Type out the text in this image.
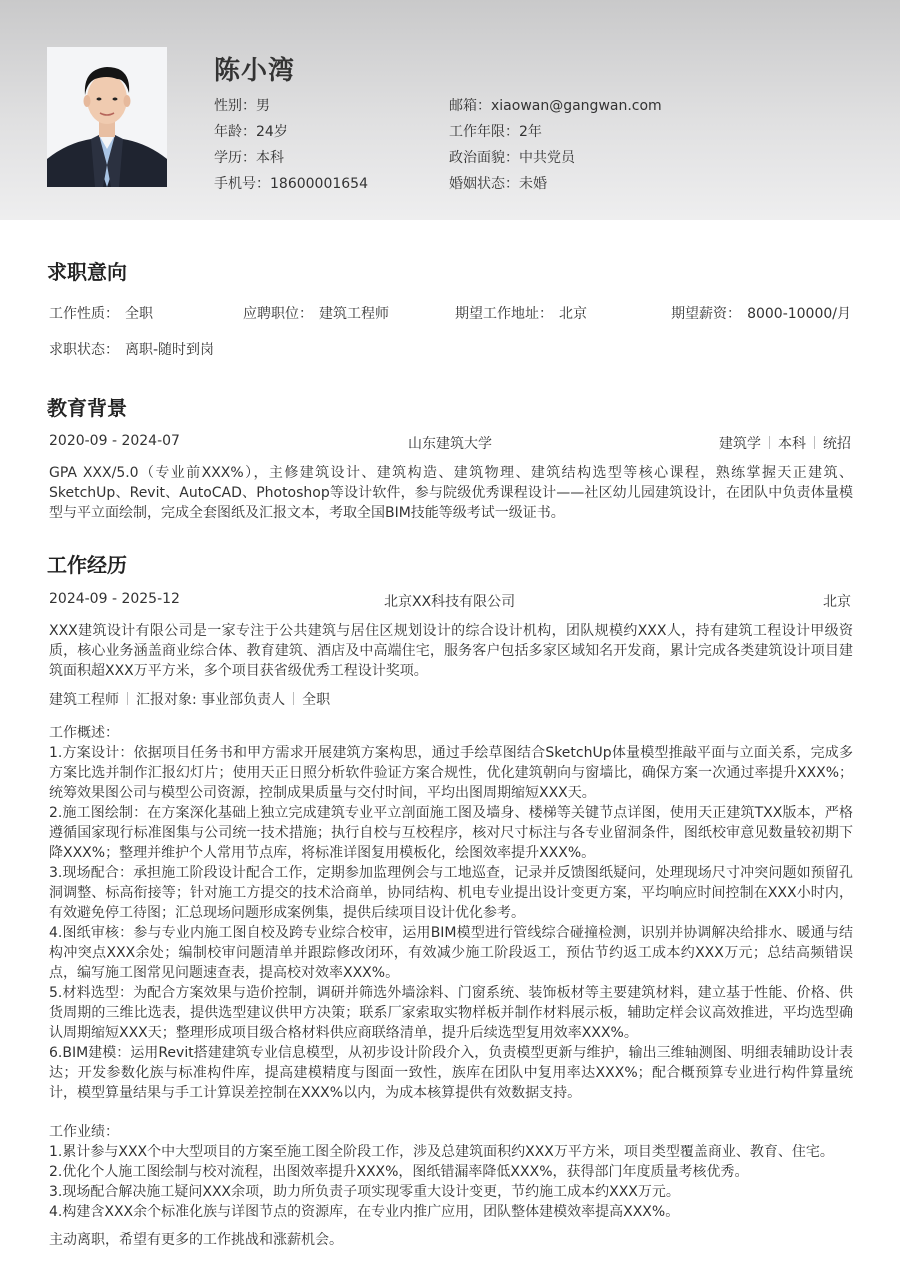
陈小湾
性别：男
年龄：24岁
学历：本科
手机号：18600001654
邮箱：xiaowan@gangwan.com
工作年限：2年
政治面貌：中共党员
婚姻状态：未婚
求职意向
工作性质： 全职	应聘职位： 建筑工程师	期望工作地址： 北京	期望薪资： 8000-10000/月
求职状态： 离职-随时到岗
教育背景
2020-09 - 2024-07	山东建筑大学	建筑学 本科 统招
GPA XXX/5.0（专业前XXX%），主修建筑设计、建筑构造、建筑物理、建筑结构选型等核心课程，熟练掌握天正建筑、SketchUp、Revit、AutoCAD、Photoshop等设计软件，参与院级优秀课程设计——社区幼儿园建筑设计，在团队中负责体量模型与平立面绘制，完成全套图纸及汇报文本，考取全国BIM技能等级考试一级证书。
工作经历
2024-09 - 2025-12	北京XX科技有限公司	北京
XXX建筑设计有限公司是一家专注于公共建筑与居住区规划设计的综合设计机构，团队规模约XXX人，持有建筑工程设计甲级资质，核心业务涵盖商业综合体、教育建筑、酒店及中高端住宅，服务客户包括多家区域知名开发商，累计完成各类建筑设计项目建筑面积超XXX万平方米，多个项目获省级优秀工程设计奖项。
建筑工程师 汇报对象: 事业部负责人 全职
工作概述：
1.方案设计：依据项目任务书和甲方需求开展建筑方案构思，通过手绘草图结合SketchUp体量模型推敲平面与立面关系，完成多方案比选并制作汇报幻灯片；使用天正日照分析软件验证方案合规性，优化建筑朝向与窗墙比，确保方案一次通过率提升XXX%；统筹效果图公司与模型公司资源，控制成果质量与交付时间，平均出图周期缩短XXX天。
2.施工图绘制：在方案深化基础上独立完成建筑专业平立剖面施工图及墙身、楼梯等关键节点详图，使用天正建筑TXX版本，严格遵循国家现行标准图集与公司统一技术措施；执行自校与互校程序，核对尺寸标注与各专业留洞条件，图纸校审意见数量较初期下降XXX%；整理并维护个人常用节点库，将标准详图复用模板化，绘图效率提升XXX%。
3.现场配合：承担施工阶段设计配合工作，定期参加监理例会与工地巡查，记录并反馈图纸疑问，处理现场尺寸冲突问题如预留孔洞调整、标高衔接等；针对施工方提交的技术洽商单，协同结构、机电专业提出设计变更方案，平均响应时间控制在XXX小时内，有效避免停工待图；汇总现场问题形成案例集，提供后续项目设计优化参考。
4.图纸审核：参与专业内施工图自校及跨专业综合校审，运用BIM模型进行管线综合碰撞检测，识别并协调解决给排水、暖通与结构冲突点XXX余处；编制校审问题清单并跟踪修改闭环，有效减少施工阶段返工，预估节约返工成本约XXX万元；总结高频错误点，编写施工图常见问题速查表，提高校对效率XXX%。
5.材料选型：为配合方案效果与造价控制，调研并筛选外墙涂料、门窗系统、装饰板材等主要建筑材料，建立基于性能、价格、供货周期的三维比选表，提供选型建议供甲方决策；联系厂家索取实物样板并制作材料展示板，辅助定样会议高效推进，平均选型确认周期缩短XXX天；整理形成项目级合格材料供应商联络清单，提升后续选型复用效率XXX%。
6.BIM建模：运用Revit搭建建筑专业信息模型，从初步设计阶段介入，负责模型更新与维护，输出三维轴测图、明细表辅助设计表达；开发参数化族与标准构件库，提高建模精度与图面一致性，族库在团队中复用率达XXX%；配合概预算专业进行构件算量统计，模型算量结果与手工计算误差控制在XXX%以内，为成本核算提供有效数据支持。
工作业绩：
1.累计参与XXX个中大型项目的方案至施工图全阶段工作，涉及总建筑面积约XXX万平方米，项目类型覆盖商业、教育、住宅。
2.优化个人施工图绘制与校对流程，出图效率提升XXX%，图纸错漏率降低XXX%，获得部门年度质量考核优秀。
3.现场配合解决施工疑问XXX余项，助力所负责子项实现零重大设计变更，节约施工成本约XXX万元。
4.构建含XXX余个标准化族与详图节点的资源库，在专业内推广应用，团队整体建模效率提高XXX%。
主动离职，希望有更多的工作挑战和涨薪机会。
